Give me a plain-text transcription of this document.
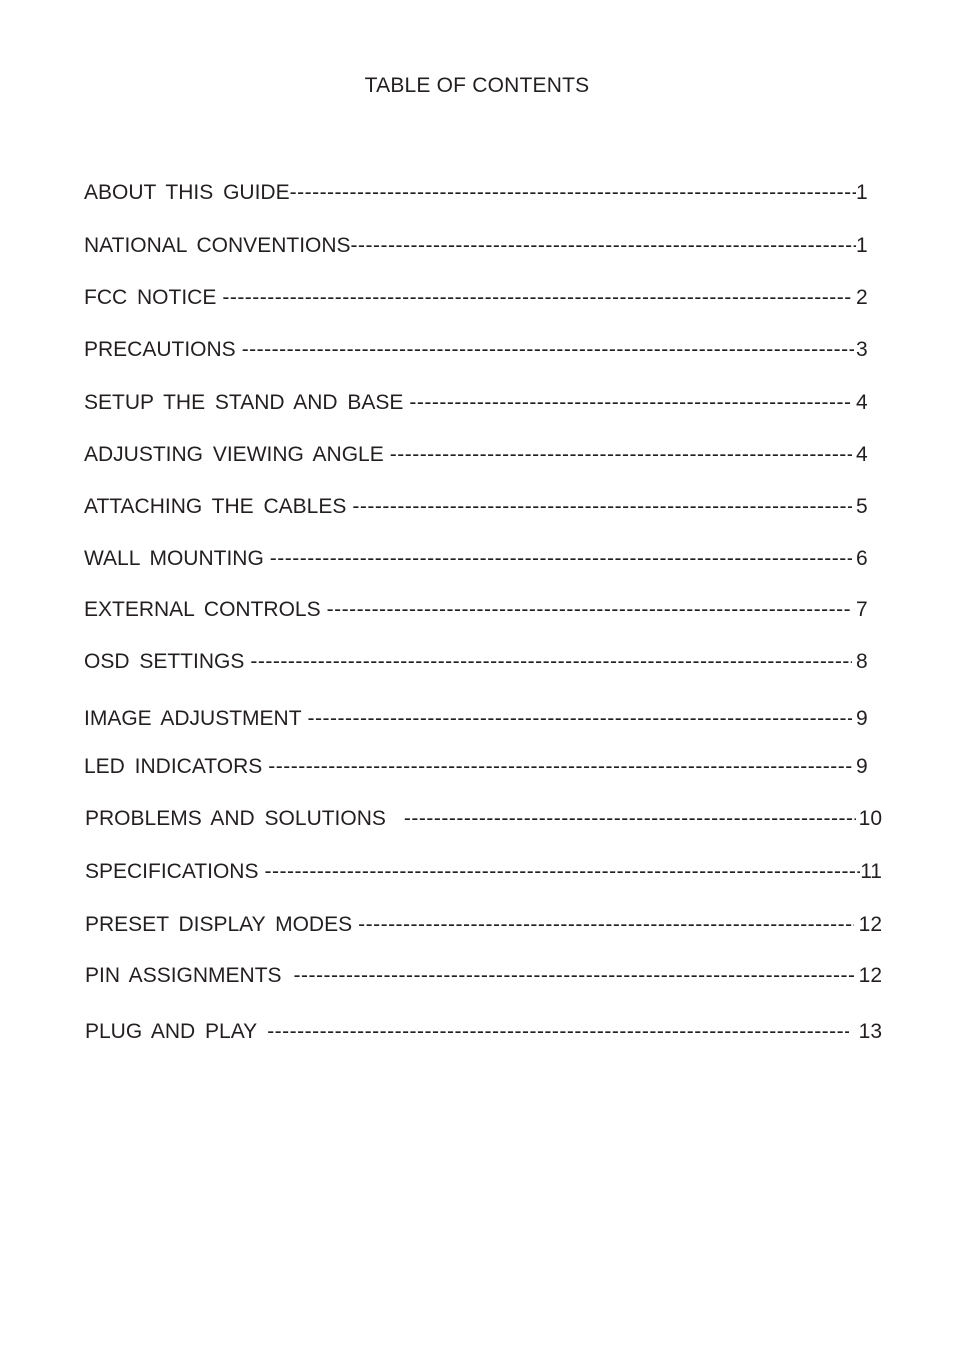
TABLE OF CONTENTS
ABOUT THIS GUIDE -----	1
NATIONAL CONVENTIONS -----	1
FCC NOTICE -----	2
PRECAUTIONS -----	3
SETUP THE STAND AND BASE -----	4
ADJUSTING VIEWING ANGLE -----	4
ATTACHING THE CABLES -----	5
WALL MOUNTING -----	6
EXTERNAL CONTROLS -----	7
OSD SETTINGS -----	8
IMAGE ADJUSTMENT -----	9
LED INDICATORS -----	9
PROBLEMS AND SOLUTIONS -----	10
SPECIFICATIONS -----	11
PRESET DISPLAY MODES -----	12
PIN ASSIGNMENTS -----	12
PLUG AND PLAY -----	13
